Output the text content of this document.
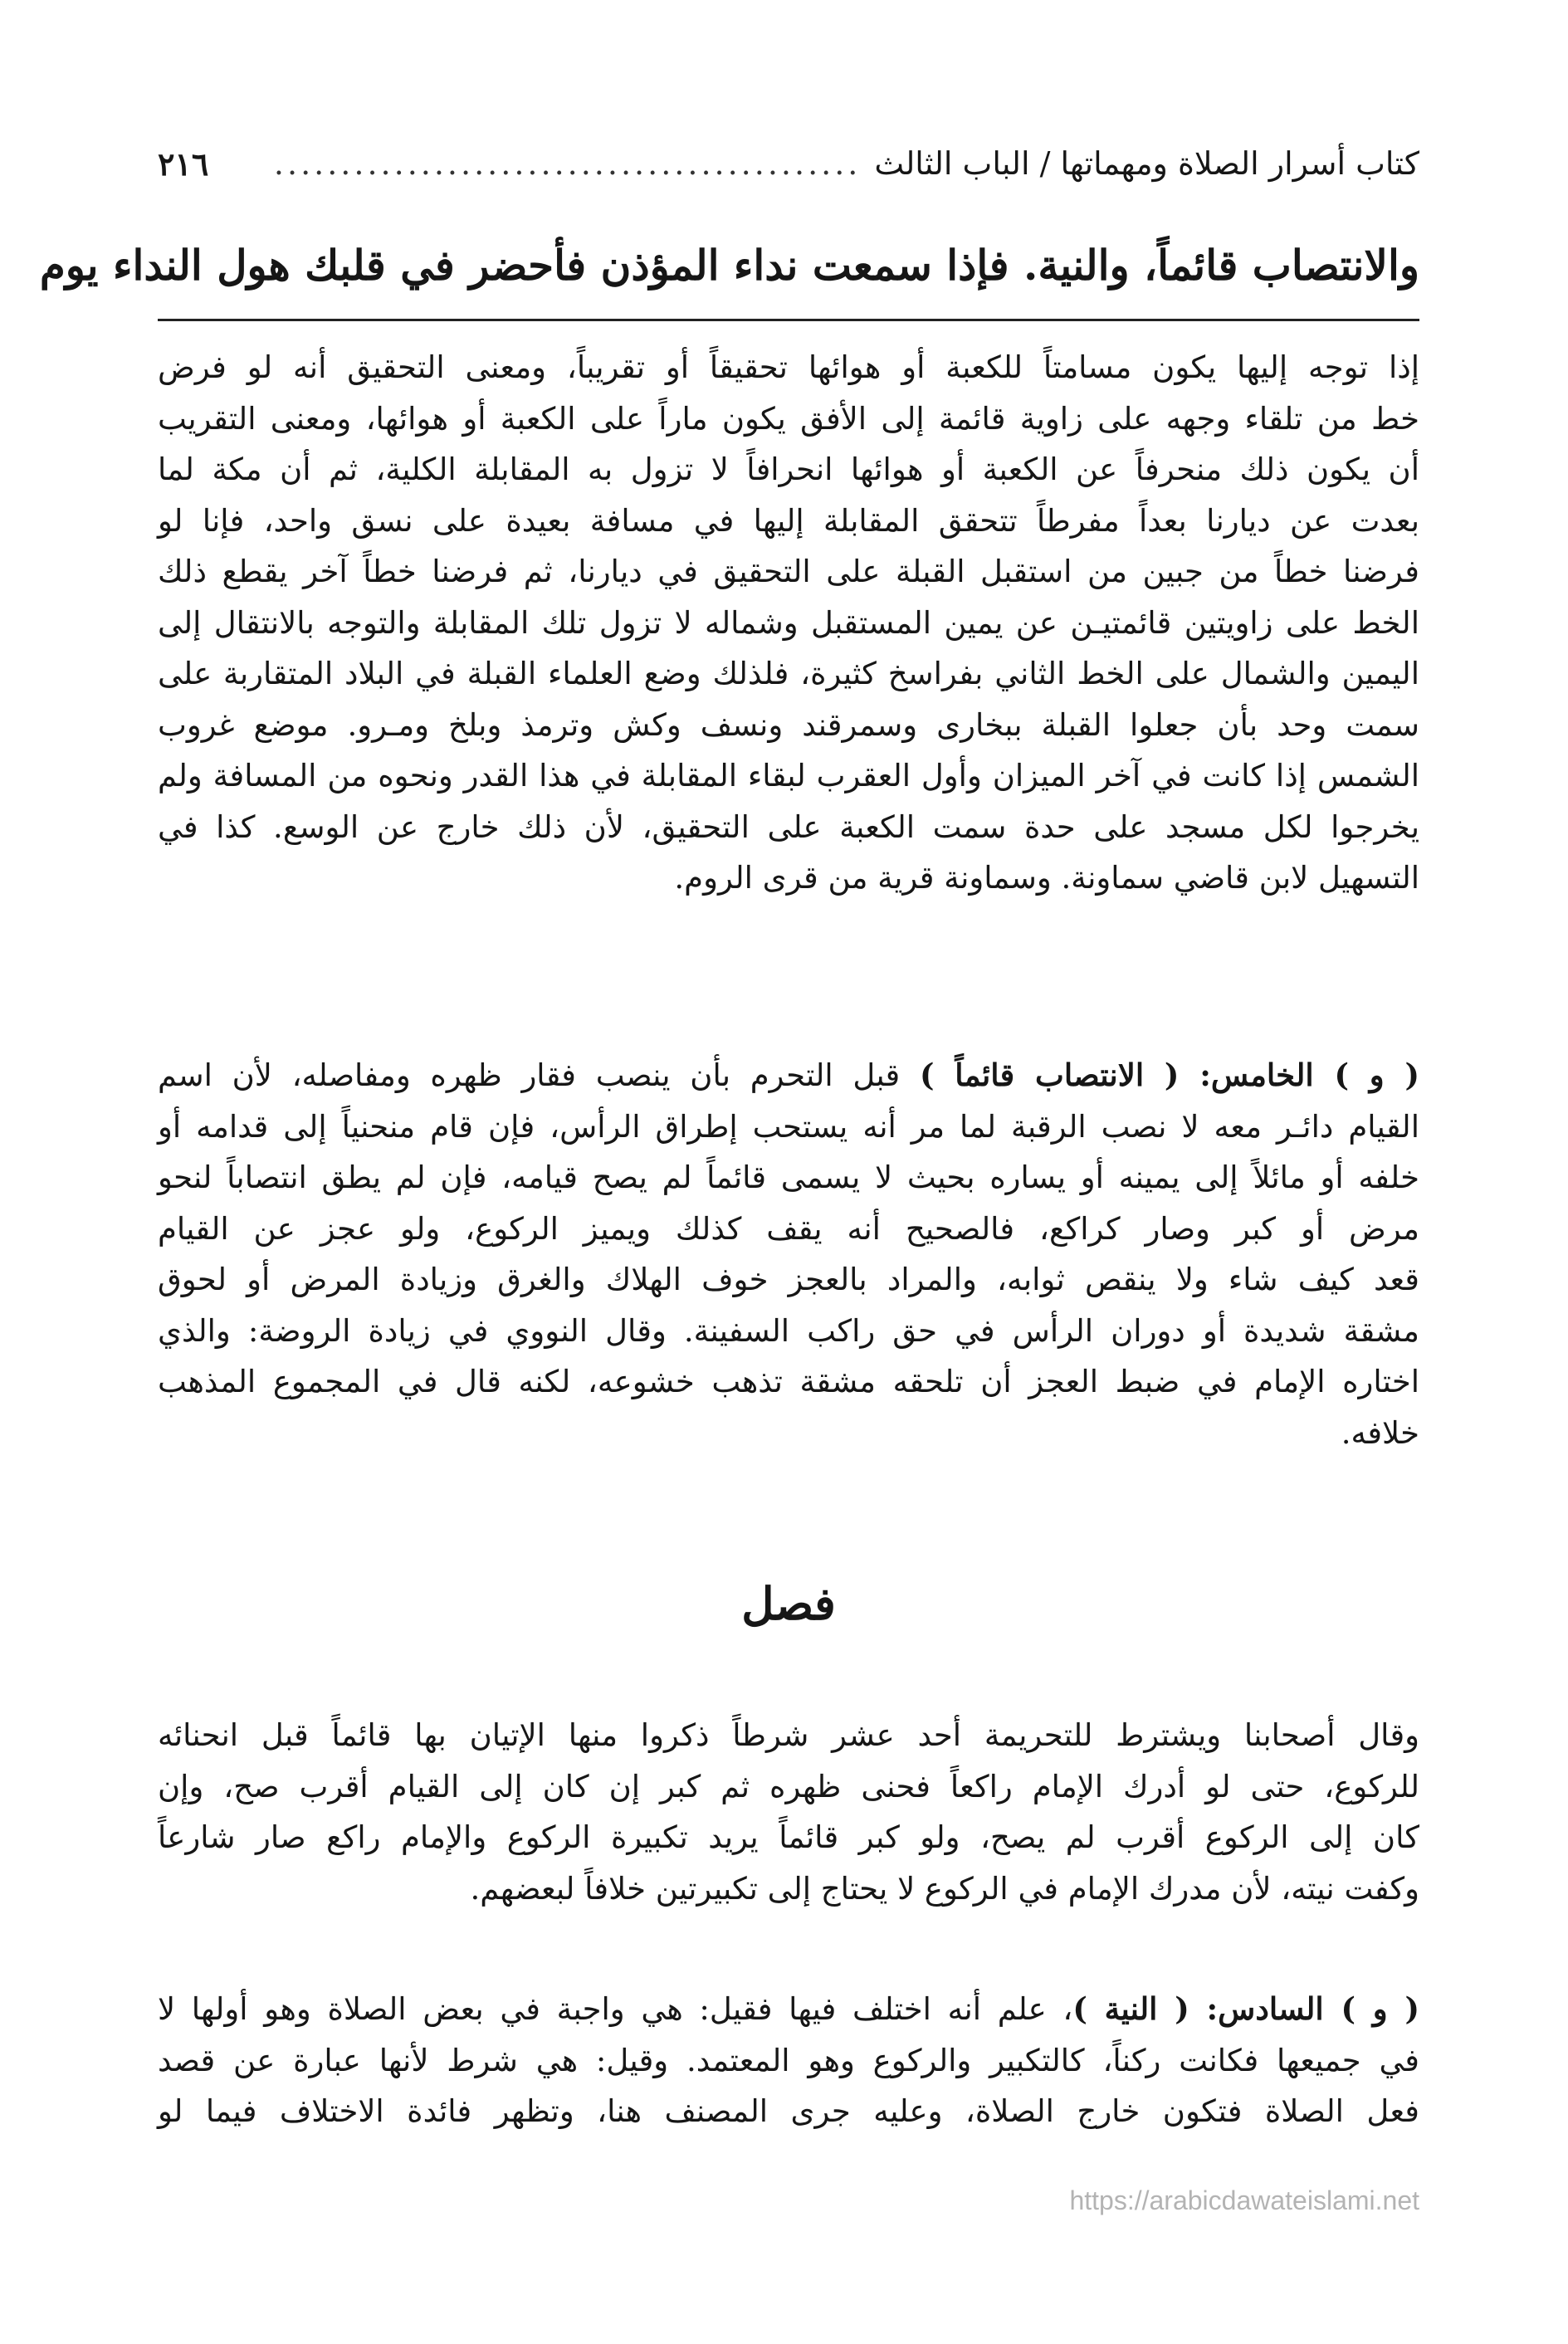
كتاب أسرار الصلاة ومهماتها / الباب الثالث
............................................
٢١٦
والانتصاب قائماً، والنية. فإذا سمعت نداء المؤذن فأحضر في قلبك هول النداء يوم
إذا توجه إليها يكون مسامتاً للكعبة أو هوائها تحقيقاً أو تقريباً، ومعنى التحقيق أنه لو فرض
خط من تلقاء وجهه على زاوية قائمة إلى الأفق يكون ماراً على الكعبة أو هوائها، ومعنى التقريب
أن يكون ذلك منحرفاً عن الكعبة أو هوائها انحرافاً لا تزول به المقابلة الكلية، ثم أن مكة لما
بعدت عن ديارنا بعداً مفرطاً تتحقق المقابلة إليها في مسافة بعيدة على نسق واحد، فإنا لو
فرضنا خطاً من جبين من استقبل القبلة على التحقيق في ديارنا، ثم فرضنا خطاً آخر يقطع ذلك
الخط على زاويتين قائمتيـن عن يمين المستقبل وشماله لا تزول تلك المقابلة والتوجه بالانتقال إلى
اليمين والشمال على الخط الثاني بفراسخ كثيرة، فلذلك وضع العلماء القبلة في البلاد المتقاربة على
سمت وحد بأن جعلوا القبلة ببخارى وسمرقند ونسف وكش وترمذ وبلخ ومـرو. موضع غروب
الشمس إذا كانت في آخر الميزان وأول العقرب لبقاء المقابلة في هذا القدر ونحوه من المسافة ولم
يخرجوا لكل مسجد على حدة سمت الكعبة على التحقيق، لأن ذلك خارج عن الوسع. كذا في
التسهيل لابن قاضي سماونة. وسماونة قرية من قرى الروم.
( و ) الخامس: ( الانتصاب قائماً ) قبل التحرم بأن ينصب فقار ظهره ومفاصله، لأن اسم
القيام دائـر معه لا نصب الرقبة لما مر أنه يستحب إطراق الرأس، فإن قام منحنياً إلى قدامه أو
خلفه أو مائلاً إلى يمينه أو يساره بحيث لا يسمى قائماً لم يصح قيامه، فإن لم يطق انتصاباً لنحو
مرض أو كبر وصار كراكع، فالصحيح أنه يقف كذلك ويميز الركوع، ولو عجز عن القيام
قعد كيف شاء ولا ينقص ثوابه، والمراد بالعجز خوف الهلاك والغرق وزيادة المرض أو لحوق
مشقة شديدة أو دوران الرأس في حق راكب السفينة. وقال النووي في زيادة الروضة: والذي
اختاره الإمام في ضبط العجز أن تلحقه مشقة تذهب خشوعه، لكنه قال في المجموع المذهب
خلافه.
فصل
وقال أصحابنا ويشترط للتحريمة أحد عشر شرطاً ذكروا منها الإتيان بها قائماً قبل انحنائه
للركوع، حتى لو أدرك الإمام راكعاً فحنى ظهره ثم كبر إن كان إلى القيام أقرب صح، وإن
كان إلى الركوع أقرب لم يصح، ولو كبر قائماً يريد تكبيرة الركوع والإمام راكع صار شارعاً
وكفت نيته، لأن مدرك الإمام في الركوع لا يحتاج إلى تكبيرتين خلافاً لبعضهم.
( و ) السادس: ( النية )، علم أنه اختلف فيها فقيل: هي واجبة في بعض الصلاة وهو أولها لا
في جميعها فكانت ركناً، كالتكبير والركوع وهو المعتمد. وقيل: هي شرط لأنها عبارة عن قصد
فعل الصلاة فتكون خارج الصلاة، وعليه جرى المصنف هنا، وتظهر فائدة الاختلاف فيما لو
https://arabicdawateislami.net
